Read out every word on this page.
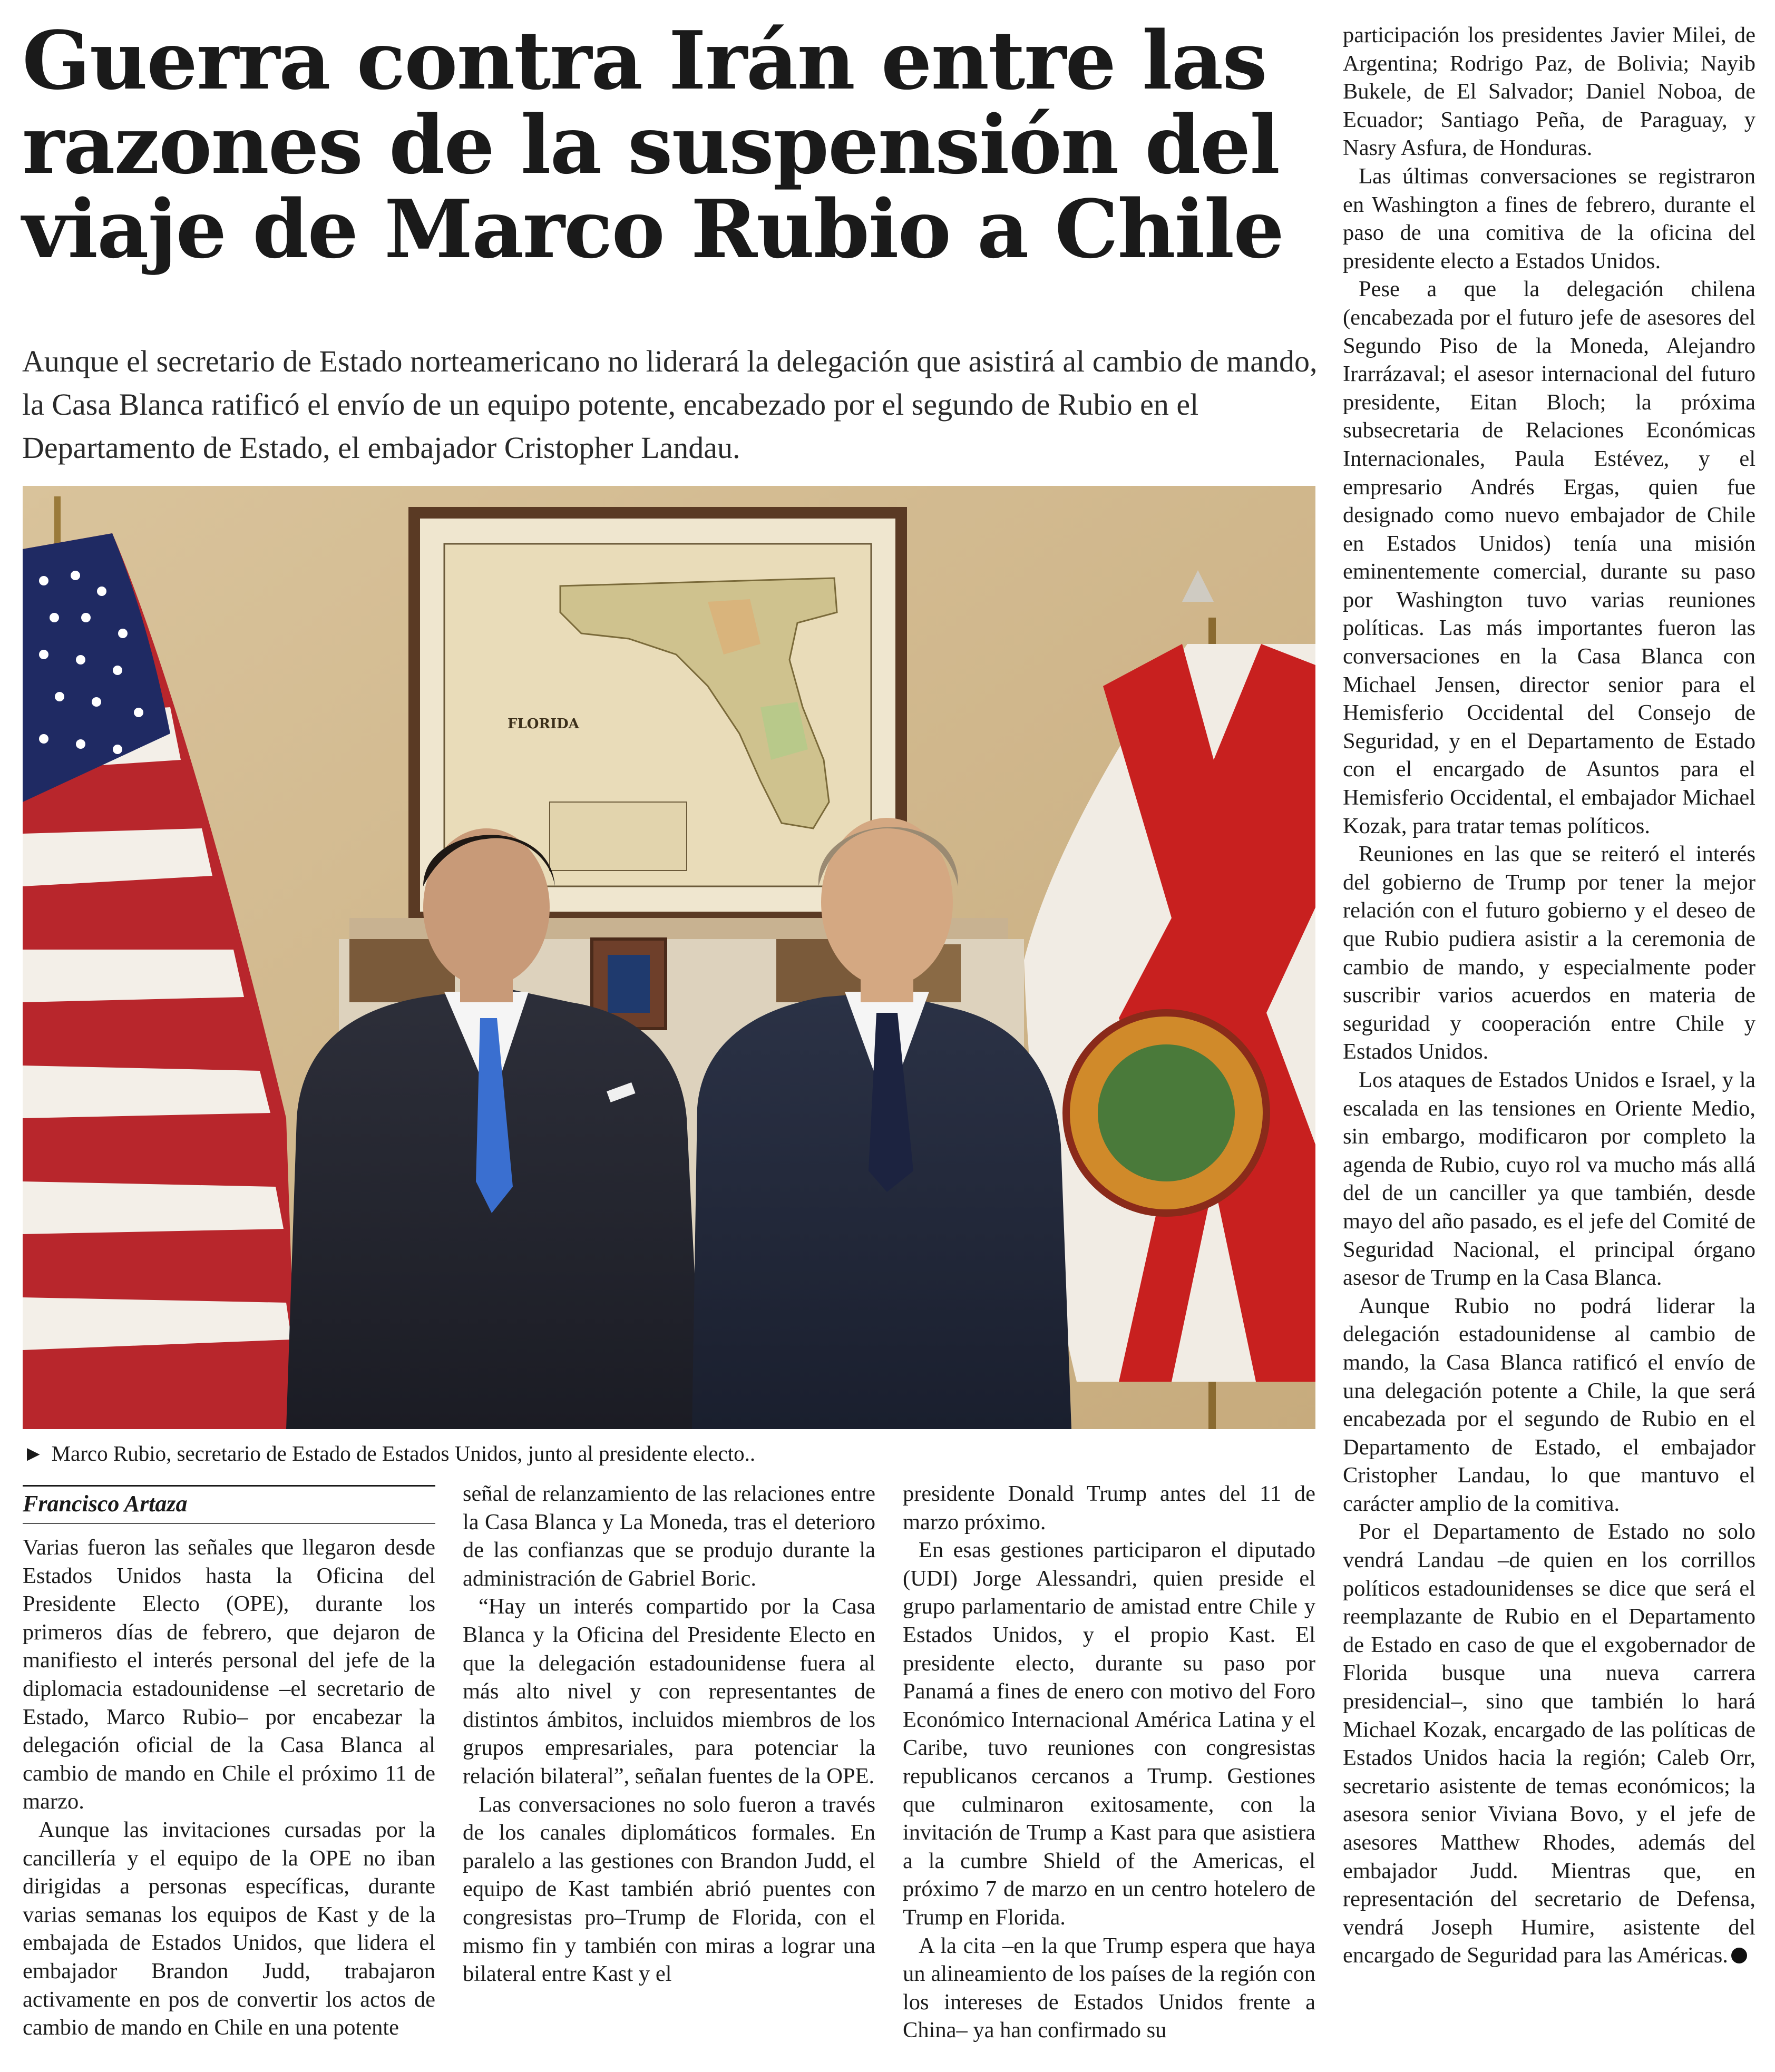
Guerra contra Irán entre las razones de la suspensión del viaje de Marco Rubio a Chile

Aunque el secretario de Estado norteamericano no liderará la delegación que asistirá al cambio de mando, la Casa Blanca ratificó el envío de un equipo potente, encabezado por el segundo de Rubio en el Departamento de Estado, el embajador Cristopher Landau.

FLORIDA

► Marco Rubio, secretario de Estado de Estados Unidos, junto al presidente electo..

Francisco Artaza

Varias fueron las señales que llegaron desde Estados Unidos hasta la Oficina del Presidente Electo (OPE), durante los primeros días de febrero, que dejaron de manifiesto el interés personal del jefe de la diplomacia estadounidense –el secretario de Estado, Marco Rubio– por encabezar la delegación oficial de la Casa Blanca al cambio de mando en Chile el próximo 11 de marzo.

Aunque las invitaciones cursadas por la cancillería y el equipo de la OPE no iban dirigidas a personas específicas, durante varias semanas los equipos de Kast y de la embajada de Estados Unidos, que lidera el embajador Brandon Judd, trabajaron activamente en pos de convertir los actos de cambio de mando en Chile en una potente

señal de relanzamiento de las relaciones entre la Casa Blanca y La Moneda, tras el deterioro de las confianzas que se produjo durante la administración de Gabriel Boric.

“Hay un interés compartido por la Casa Blanca y la Oficina del Presidente Electo en que la delegación estadounidense fuera al más alto nivel y con representantes de distintos ámbitos, incluidos miembros de los grupos empresariales, para potenciar la relación bilateral”, señalan fuentes de la OPE.

Las conversaciones no solo fueron a través de los canales diplomáticos formales. En paralelo a las gestiones con Brandon Judd, el equipo de Kast también abrió puentes con congresistas pro–Trump de Florida, con el mismo fin y también con miras a lograr una bilateral entre Kast y el

presidente Donald Trump antes del 11 de marzo próximo.

En esas gestiones participaron el diputado (UDI) Jorge Alessandri, quien preside el grupo parlamentario de amistad entre Chile y Estados Unidos, y el propio Kast. El presidente electo, durante su paso por Panamá a fines de enero con motivo del Foro Económico Internacional América Latina y el Caribe, tuvo reuniones con congresistas republicanos cercanos a Trump. Gestiones que culminaron exitosamente, con la invitación de Trump a Kast para que asistiera a la cumbre Shield of the Americas, el próximo 7 de marzo en un centro hotelero de Trump en Florida.

A la cita –en la que Trump espera que haya un alineamiento de los países de la región con los intereses de Estados Unidos frente a China– ya han confirmado su

participación los presidentes Javier Milei, de Argentina; Rodrigo Paz, de Bolivia; Nayib Bukele, de El Salvador; Daniel Noboa, de Ecuador; Santiago Peña, de Paraguay, y Nasry Asfura, de Honduras.

Las últimas conversaciones se registraron en Washington a fines de febrero, durante el paso de una comitiva de la oficina del presidente electo a Estados Unidos.

Pese a que la delegación chilena (encabezada por el futuro jefe de asesores del Segundo Piso de la Moneda, Alejandro Irarrázaval; el asesor internacional del futuro presidente, Eitan Bloch; la próxima subsecretaria de Relaciones Económicas Internacionales, Paula Estévez, y el empresario Andrés Ergas, quien fue designado como nuevo embajador de Chile en Estados Unidos) tenía una misión eminentemente comercial, durante su paso por Washington tuvo varias reuniones políticas. Las más importantes fueron las conversaciones en la Casa Blanca con Michael Jensen, director senior para el Hemisferio Occidental del Consejo de Seguridad, y en el Departamento de Estado con el encargado de Asuntos para el Hemisferio Occidental, el embajador Michael Kozak, para tratar temas políticos.

Reuniones en las que se reiteró el interés del gobierno de Trump por tener la mejor relación con el futuro gobierno y el deseo de que Rubio pudiera asistir a la ceremonia de cambio de mando, y especialmente poder suscribir varios acuerdos en materia de seguridad y cooperación entre Chile y Estados Unidos.

Los ataques de Estados Unidos e Israel, y la escalada en las tensiones en Oriente Medio, sin embargo, modificaron por completo la agenda de Rubio, cuyo rol va mucho más allá del de un canciller ya que también, desde mayo del año pasado, es el jefe del Comité de Seguridad Nacional, el principal órgano asesor de Trump en la Casa Blanca.

Aunque Rubio no podrá liderar la delegación estadounidense al cambio de mando, la Casa Blanca ratificó el envío de una delegación potente a Chile, la que será encabezada por el segundo de Rubio en el Departamento de Estado, el embajador Cristopher Landau, lo que mantuvo el carácter amplio de la comitiva.

Por el Departamento de Estado no solo vendrá Landau –de quien en los corrillos políticos estadounidenses se dice que será el reemplazante de Rubio en el Departamento de Estado en caso de que el exgobernador de Florida busque una nueva carrera presidencial–, sino que también lo hará Michael Kozak, encargado de las políticas de Estados Unidos hacia la región; Caleb Orr, secretario asistente de temas económicos; la asesora senior Viviana Bovo, y el jefe de asesores Matthew Rhodes, además del embajador Judd. Mientras que, en representación del secretario de Defensa, vendrá Joseph Humire, asistente del encargado de Seguridad para las Américas.
